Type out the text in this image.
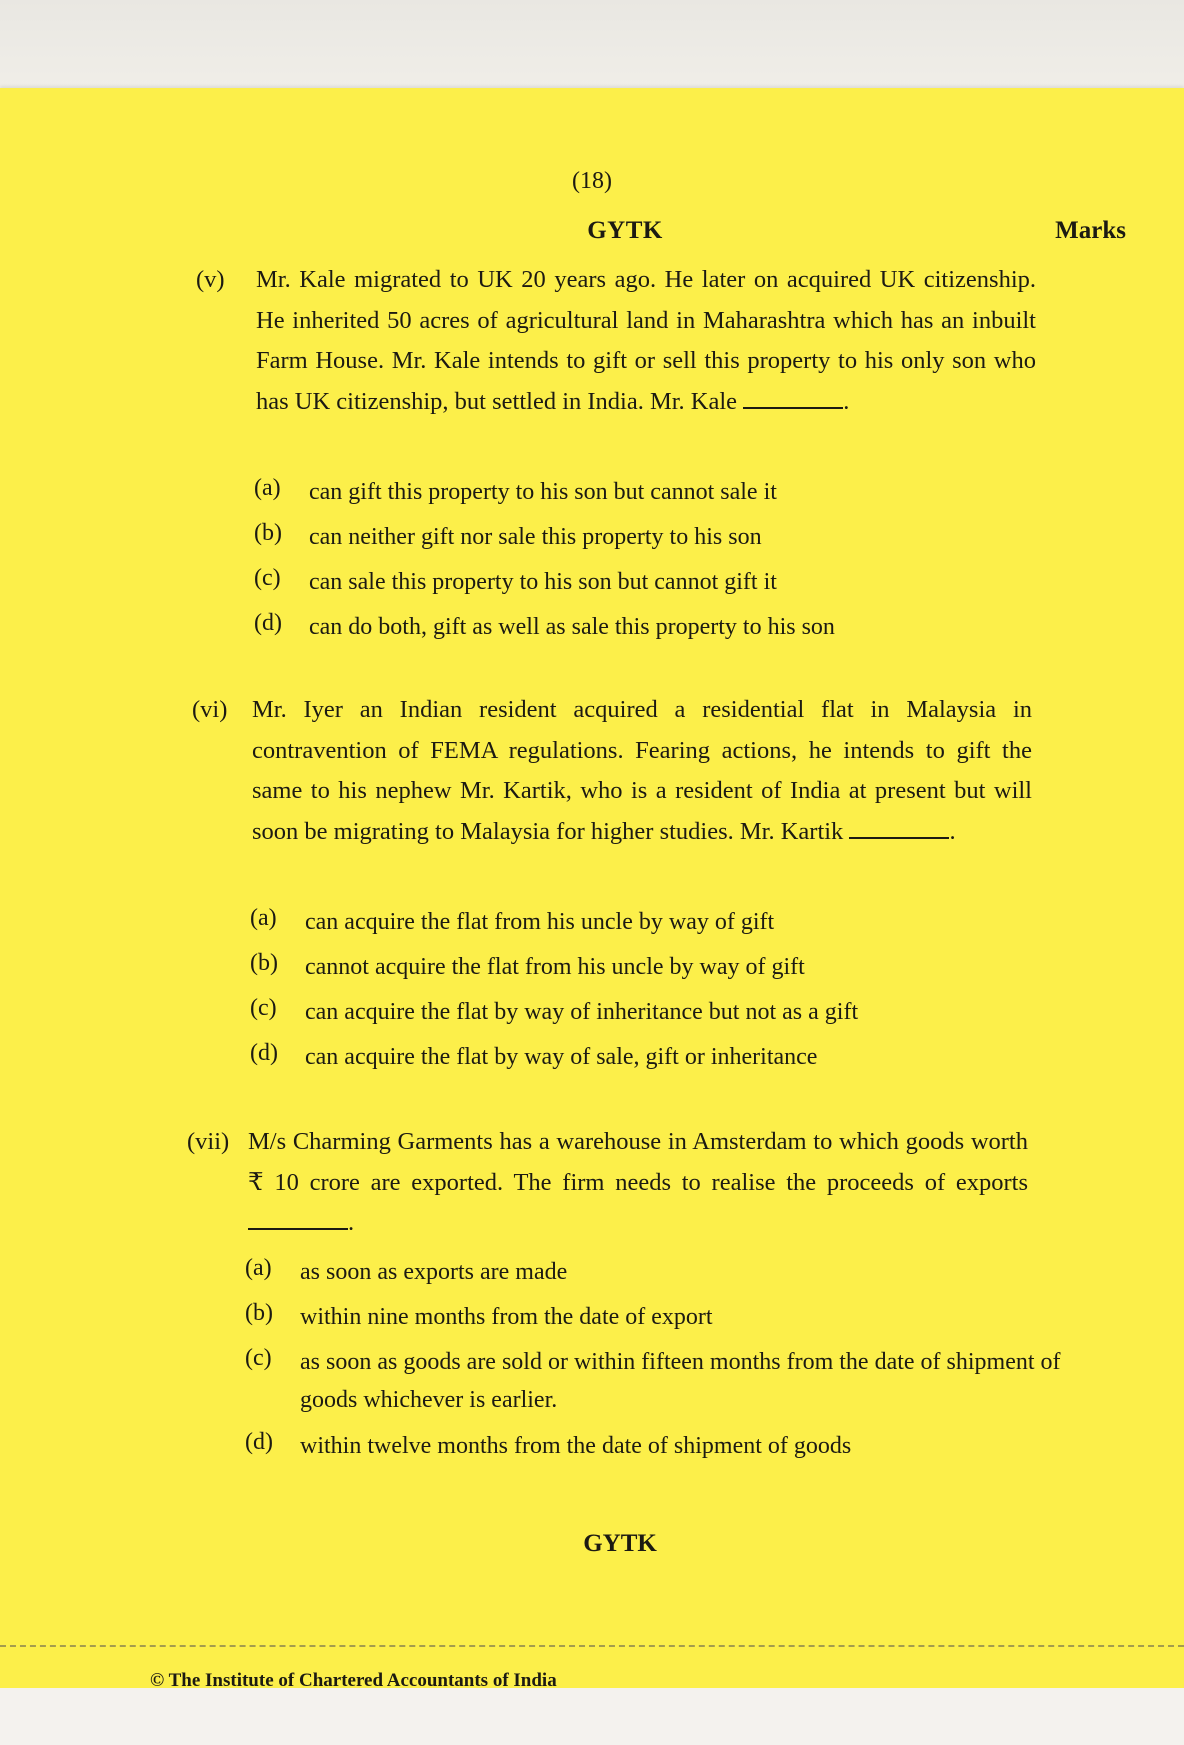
(18)
GYTK	Marks
(v) Mr. Kale migrated to UK 20 years ago. He later on acquired UK citizenship. He inherited 50 acres of agricultural land in Maharashtra which has an inbuilt Farm House. Mr. Kale intends to gift or sell this property to his only son who has UK citizenship, but settled in India. Mr. Kale	.
(a) can gift this property to his son but cannot sale it
(b) can neither gift nor sale this property to his son
(c) can sale this property to his son but cannot gift it
(d) can do both, gift as well as sale this property to his son
(vi) Mr. Iyer an Indian resident acquired a residential flat in Malaysia in contravention of FEMA regulations. Fearing actions, he intends to gift the same to his nephew Mr. Kartik, who is a resident of India at present but will soon be migrating to Malaysia for higher studies. Mr. Kartik	.
(a) can acquire the flat from his uncle by way of gift
(b) cannot acquire the flat from his uncle by way of gift
(c) can acquire the flat by way of inheritance but not as a gift
(d) can acquire the flat by way of sale, gift or inheritance
(vii) M/s Charming Garments has a warehouse in Amsterdam to which goods worth ₹ 10 crore are exported. The firm needs to realise the proceeds of exports.
(a) as soon as exports are made
(b) within nine months from the date of export
(c) as soon as goods are sold or within fifteen months from the date of shipment of goods whichever is earlier.
(d) within twelve months from the date of shipment of goods
GYTK
© The Institute of Chartered Accountants of India
